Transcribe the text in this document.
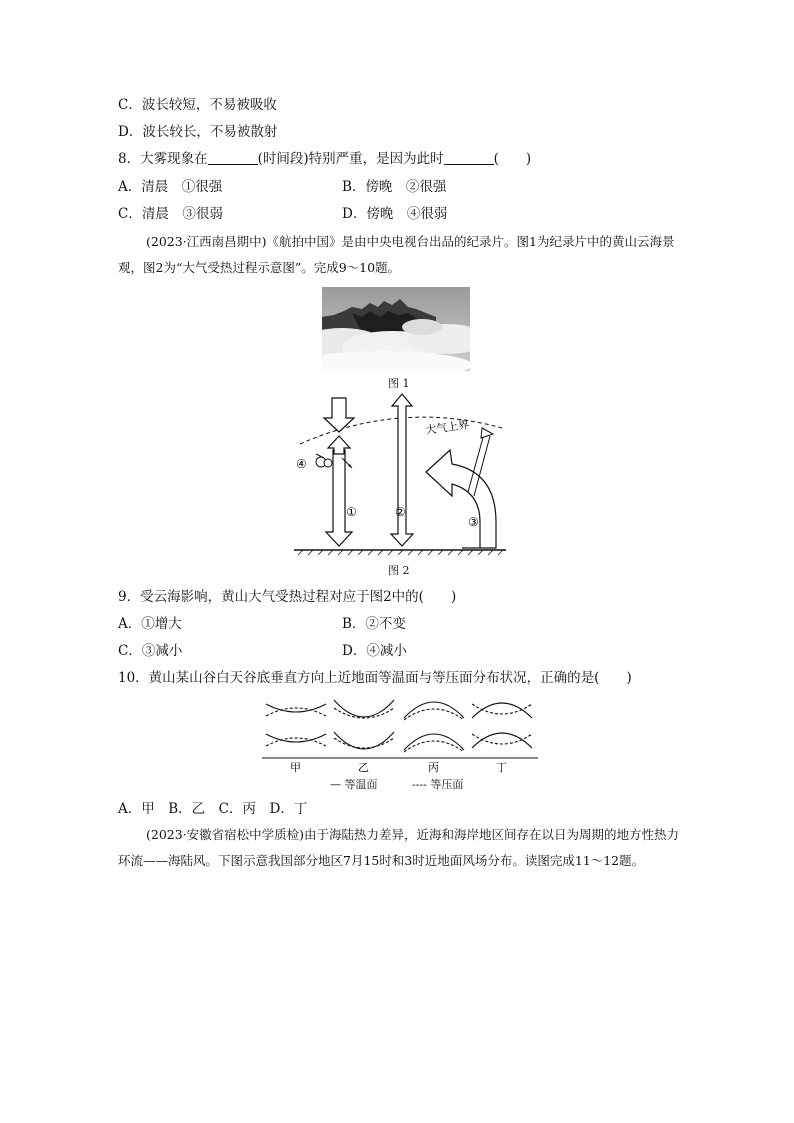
C．波长较短，不易被吸收
D．波长较长，不易被散射
8．大雾现象在	(时间段)特别严重，是因为此时	(　　)
A．清晨　①很强	B．傍晚　②很强
C．清晨　③很弱	D．傍晚　④很弱
(2023·江西南昌期中)《航拍中国》是由中央电视台出品的纪录片。图1为纪录片中的黄山云海景观，图2为“大气受热过程示意图”。完成9～10题。
图 1
大气上界
④
①	②
③
图 2
9．受云海影响，黄山大气受热过程对应于图2中的(　　)
A．①增大	B．②不变
C．③减小	D．④减小
10．黄山某山谷白天谷底垂直方向上近地面等温面与等压面分布状况，正确的是(　　)
甲	乙	丙	丁
— 等温面	---- 等压面
A．甲　B．乙　C．丙　D．丁
(2023·安徽省宿松中学质检)由于海陆热力差异，近海和海岸地区间存在以日为周期的地方性热力环流——海陆风。下图示意我国部分地区7月15时和3时近地面风场分布。读图完成11～12题。
